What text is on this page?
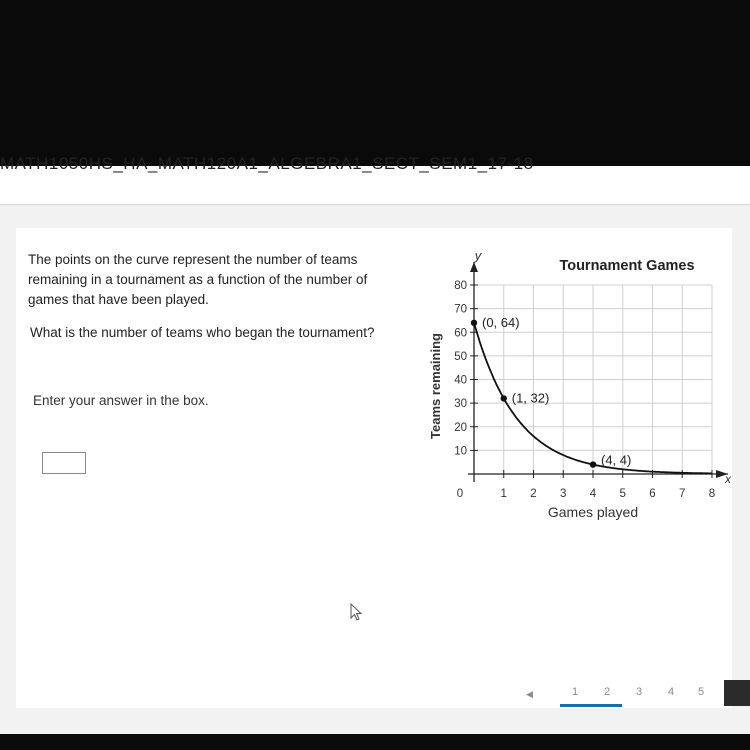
MATH1050HS_HA_MATH120A1_ALGEBRA1_SECT_SEM1_17-18
The points on the curve represent the number of teams remaining in a tournament as a function of the number of games that have been played.
What is the number of teams who began the tournament?
Enter your answer in the box.
1 2 3 4 5 6 7 8
10
20
30
40
50
60
70
80
(0, 64)
(1, 32)
(4, 4)
Tournament Games
Games played
Teams remaining
y
x
0
◀	1 2 3 4 5
